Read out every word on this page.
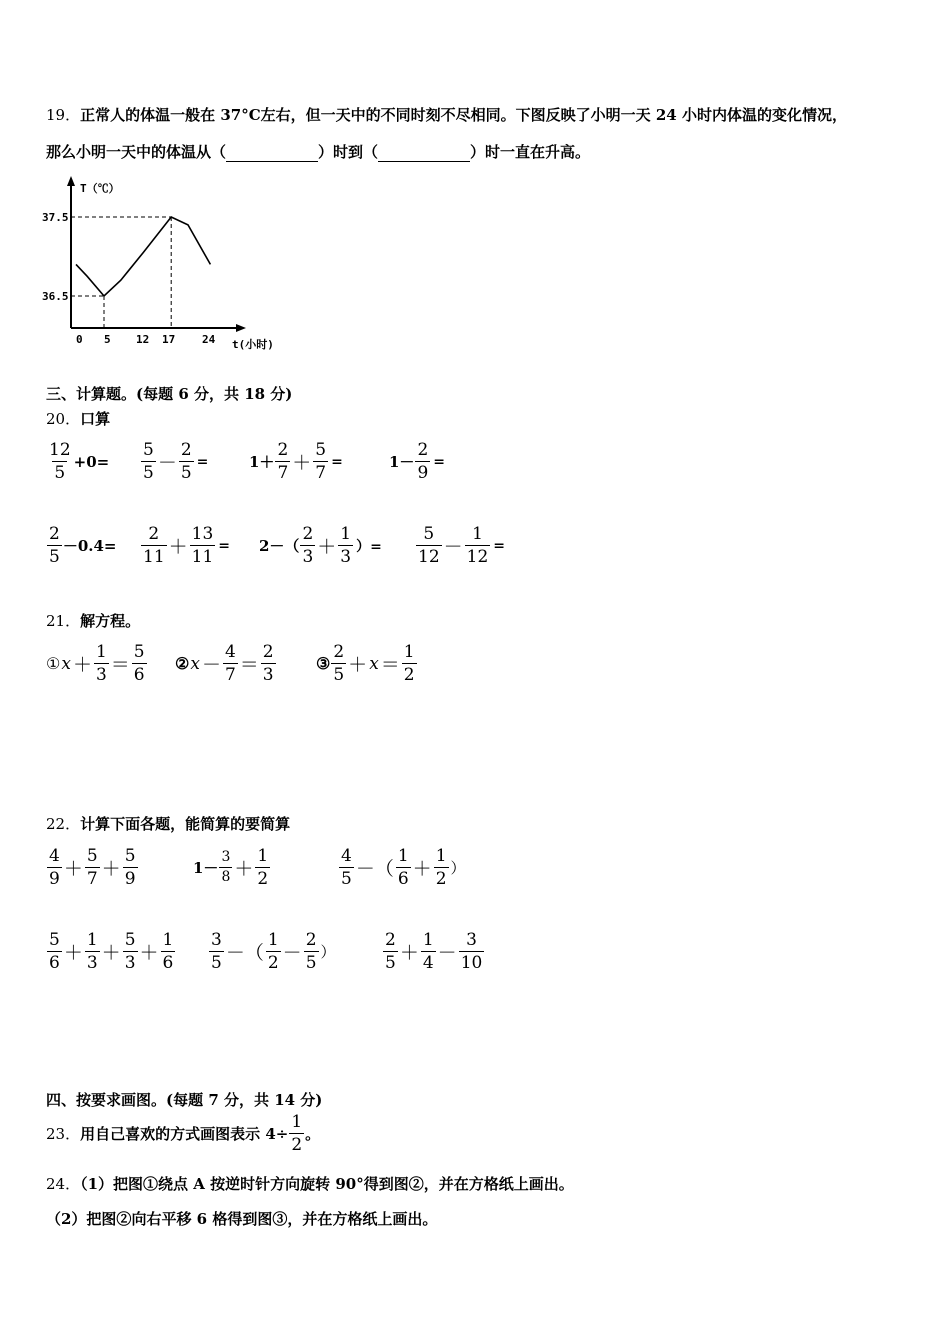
19．正常人的体温一般在 37°C左右，但一天中的不同时刻不尽相同。下图反映了小明一天 24 小时内体温的变化情况，
那么小明一天中的体温从（	）时到（	）时一直在升高。
T（℃）
t(小时)
37.5
36.5
0 5 12 17 24
三、计算题。(每题 6 分，共 18 分)
20．口算
$\frac{12}{5} +0= \frac{5}{5} - \frac{2}{5}$ =	$1+ \frac{2}{7} + \frac{5}{7}$ =	$1- \frac{2}{9}$ =
$\frac{2}{5} -0.4= \frac{2}{11} + \frac{13}{11} = 2-( \frac{2}{3} + \frac{1}{3}$ ）= $\frac{5}{12} - \frac{1}{12}$ =
21．解方程。
① $x + \frac{1}{3} = \frac{5}{6}$ ② $x - \frac{4}{7} = \frac{2}{3}$	③ $\frac{2}{5} + x = \frac{1}{2}$
22．计算下面各题，能简算的要简算
$\frac{4}{9} + \frac{5}{7} + \frac{5}{9}$	$1- \frac{3}{8} + \frac{1}{2}$	$\frac{4}{5}$ －（ $\frac{1}{6} + \frac{1}{2}$ ）
$\frac{5}{6} + \frac{1}{3} + \frac{5}{3} + \frac{1}{6} \frac{3}{5}$ －（ $\frac{1}{2} - \frac{2}{5}$ ）	$\frac{2}{5} + \frac{1}{4} - \frac{3}{10}$
四、按要求画图。(每题 7 分，共 14 分)
23． 用自己喜欢的方式画图表示 $4\div \frac{1}{2}$ 。
24．（1）把图①绕点 A 按逆时针方向旋转 90°得到图②，并在方格纸上画出。
（2）把图②向右平移 6 格得到图③，并在方格纸上画出。
